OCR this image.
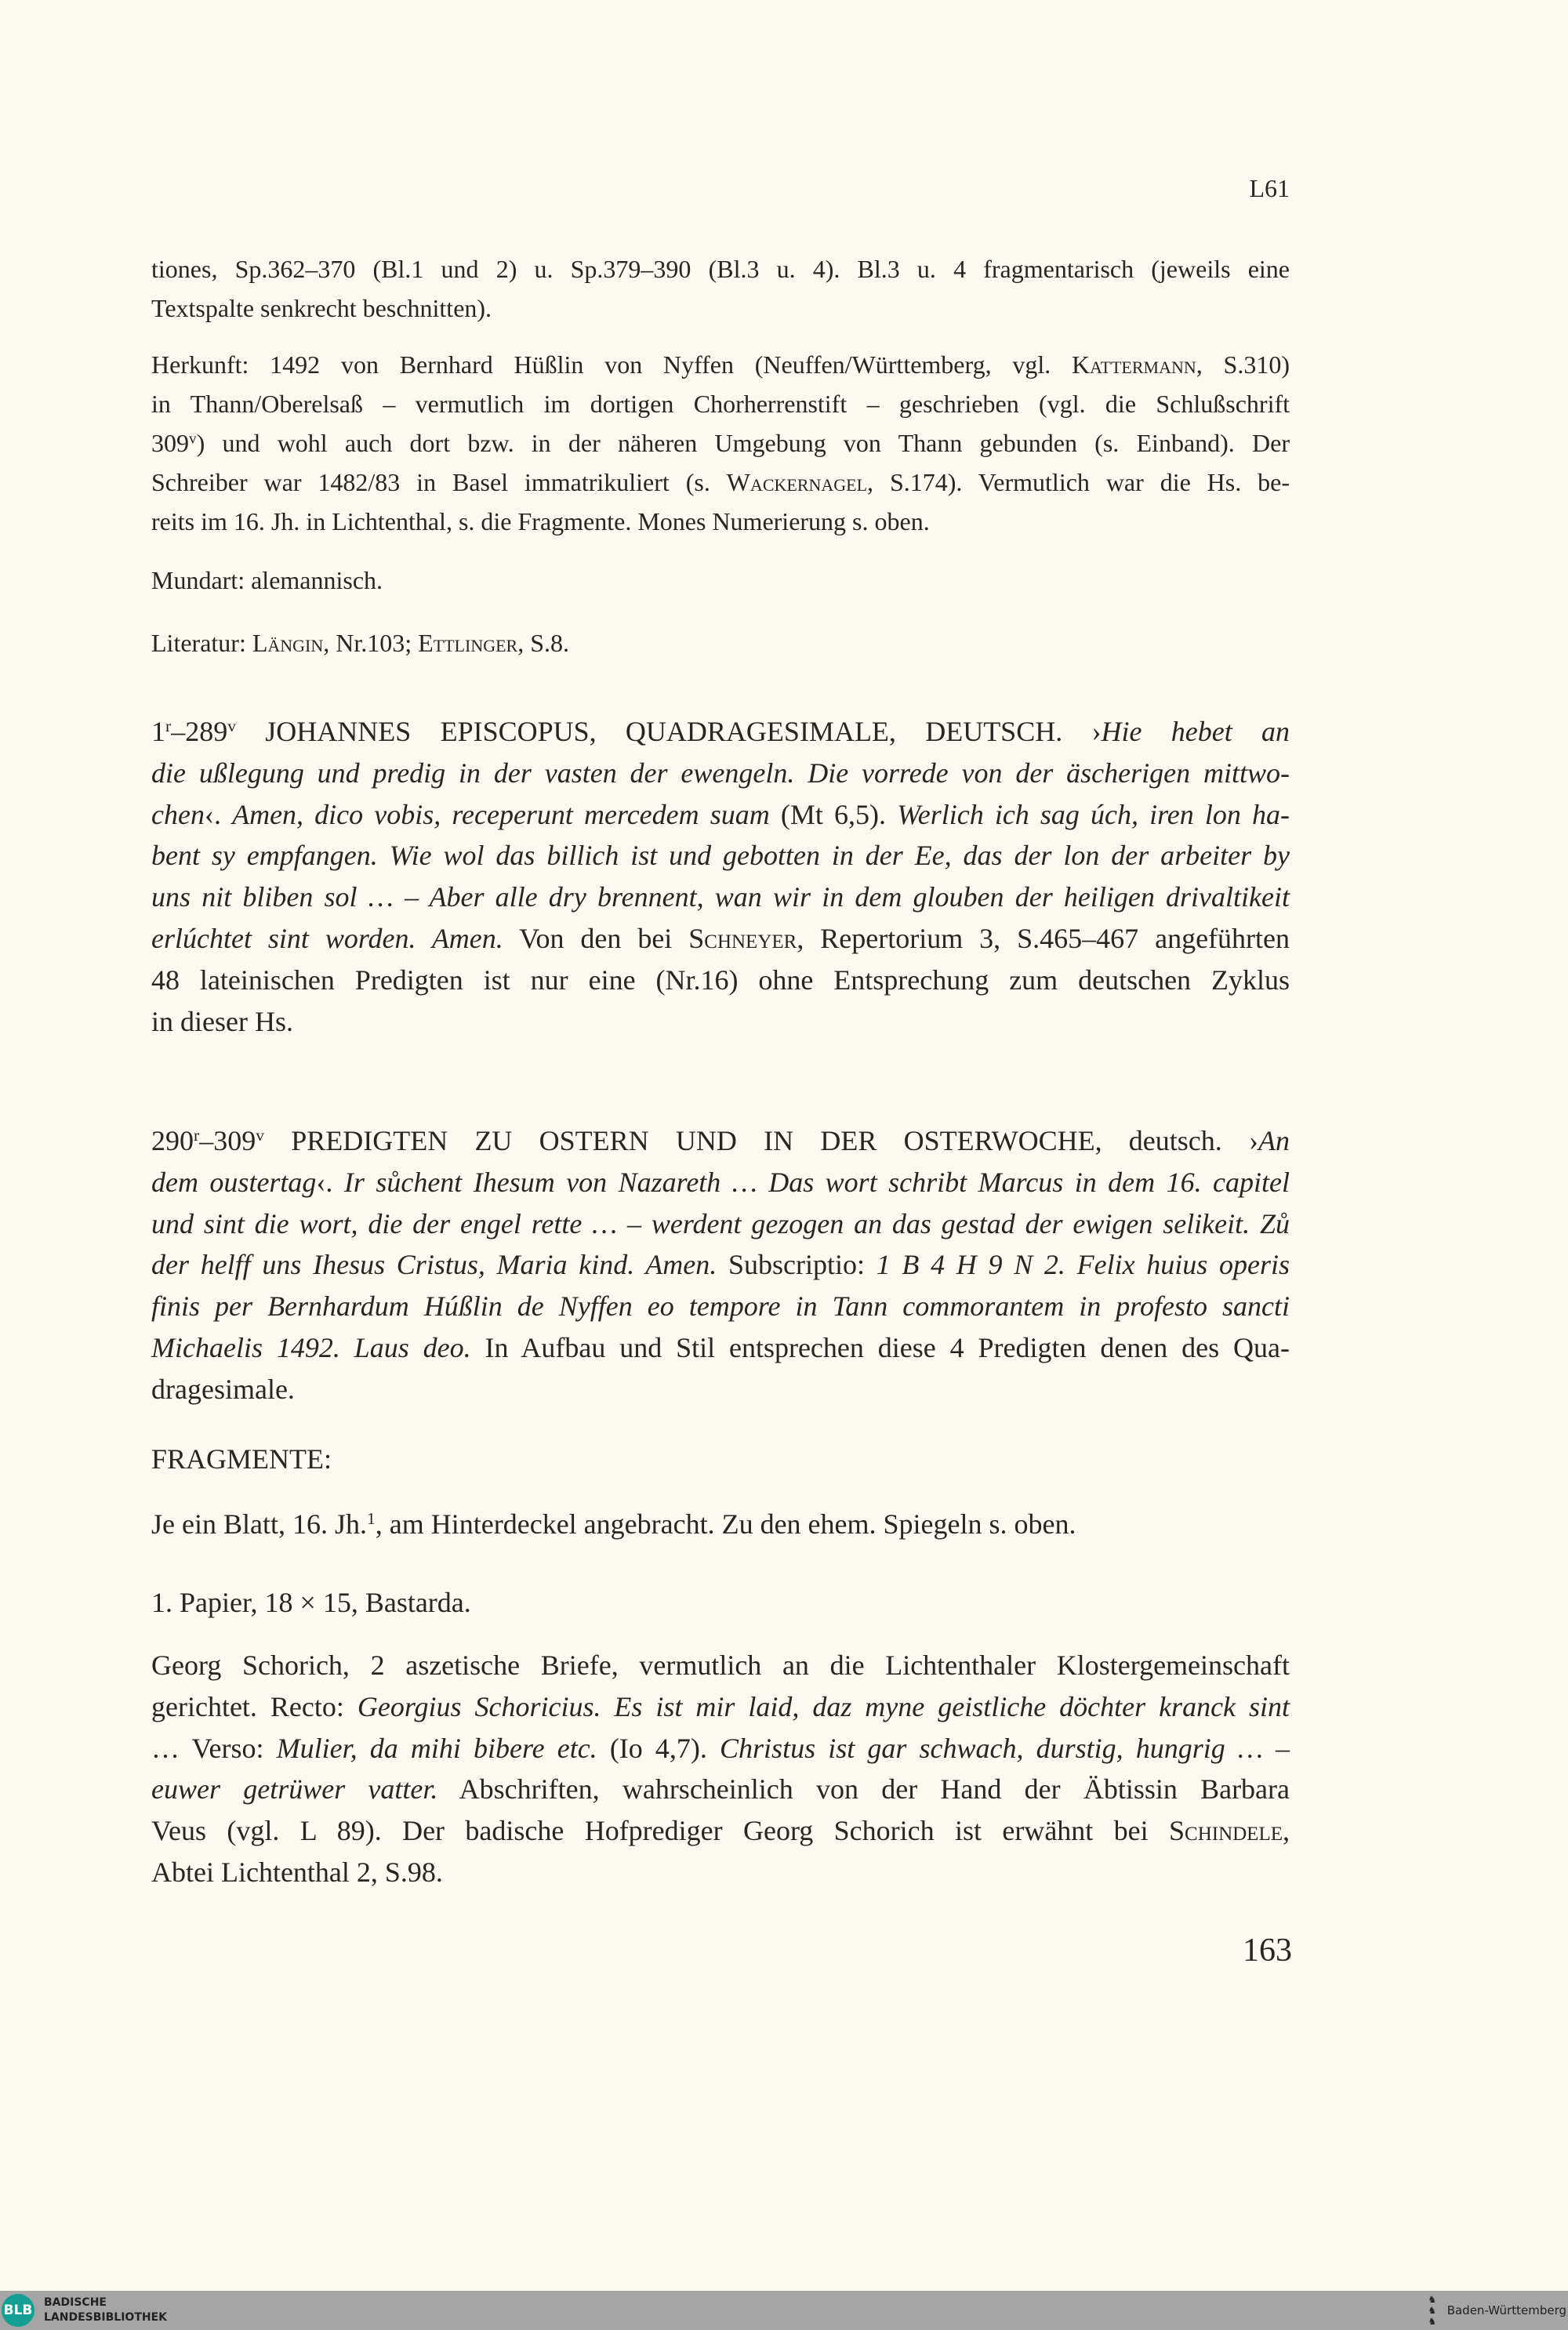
L61
tiones, Sp.362–370 (Bl.1 und 2) u. Sp.379–390 (Bl.3 u. 4). Bl.3 u. 4 fragmentarisch (jeweils eine
Textspalte senkrecht beschnitten).
Herkunft: 1492 von Bernhard Hüßlin von Nyffen (Neuffen/Württemberg, vgl. Kattermann, S.310)
in Thann/Oberelsaß – vermutlich im dortigen Chorherrenstift – geschrieben (vgl. die Schlußschrift
309$^v$) und wohl auch dort bzw. in der näheren Umgebung von Thann gebunden (s. Einband). Der
Schreiber war 1482/83 in Basel immatrikuliert (s. Wackernagel, S.174). Vermutlich war die Hs. be-
reits im 16. Jh. in Lichtenthal, s. die Fragmente. Mones Numerierung s. oben.
Mundart: alemannisch.
Literatur: Längin, Nr.103; Ettlinger, S.8.
1$^r$–289$^v$ JOHANNES EPISCOPUS, QUADRAGESIMALE, DEUTSCH. ›Hie hebet an
die ußlegung und predig in der vasten der ewengeln. Die vorrede von der äscherigen mittwo-
chen‹. Amen, dico vobis, receperunt mercedem suam (Mt 6,5). Werlich ich sag úch, iren lon ha-
bent sy empfangen. Wie wol das billich ist und gebotten in der Ee, das der lon der arbeiter by
uns nit bliben sol … – Aber alle dry brennent, wan wir in dem glouben der heiligen drivaltikeit
erlúchtet sint worden. Amen. Von den bei Schneyer, Repertorium 3, S.465–467 angeführten
48 lateinischen Predigten ist nur eine (Nr.16) ohne Entsprechung zum deutschen Zyklus
in dieser Hs.
290$^r$–309$^v$ PREDIGTEN ZU OSTERN UND IN DER OSTERWOCHE, deutsch. ›An
dem oustertag‹. Ir sůchent Ihesum von Nazareth … Das wort schribt Marcus in dem 16. capitel
und sint die wort, die der engel rette … – werdent gezogen an das gestad der ewigen selikeit. Zů
der helff uns Ihesus Cristus, Maria kind. Amen. Subscriptio: 1 B 4 H 9 N 2. Felix huius operis
finis per Bernhardum Húßlin de Nyffen eo tempore in Tann commorantem in profesto sancti
Michaelis 1492. Laus deo. In Aufbau und Stil entsprechen diese 4 Predigten denen des Qua-
dragesimale.
FRAGMENTE:
Je ein Blatt, 16. Jh.$^1$, am Hinterdeckel angebracht. Zu den ehem. Spiegeln s. oben.
1. Papier, 18 × 15, Bastarda.
Georg Schorich, 2 aszetische Briefe, vermutlich an die Lichtenthaler Klostergemeinschaft
gerichtet. Recto: Georgius Schoricius. Es ist mir laid, daz myne geistliche döchter kranck sint
… Verso: Mulier, da mihi bibere etc. (Io 4,7). Christus ist gar schwach, durstig, hungrig … –
euwer getrüwer vatter. Abschriften, wahrscheinlich von der Hand der Äbtissin Barbara
Veus (vgl. L 89). Der badische Hofprediger Georg Schorich ist erwähnt bei Schindele,
Abtei Lichtenthal 2, S.98.
163
BLB BADISCHE
LANDESBIBLIOTHEK
♞
♞
♞
Baden-Württemberg
